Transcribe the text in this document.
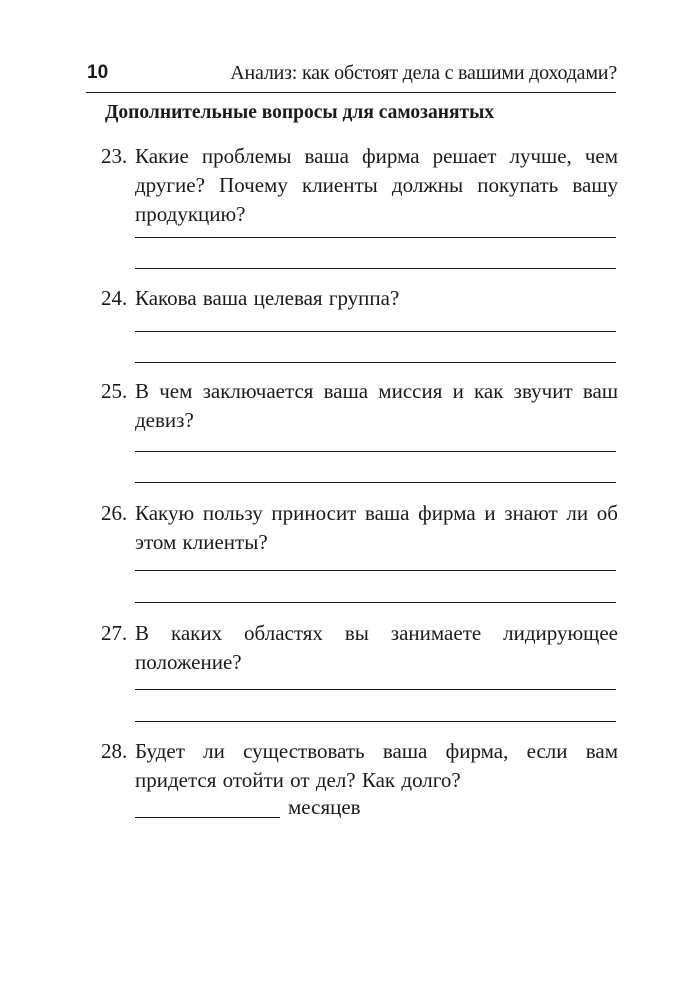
10	Анализ: как обстоят дела с вашими доходами?
Дополнительные вопросы для самозанятых
23. Какие проблемы ваша фирма решает лучше, чем другие? Почему клиенты должны покупать вашу продукцию?
24. Какова ваша целевая группа?
25. В чем заключается ваша миссия и как звучит ваш девиз?
26. Какую пользу приносит ваша фирма и знают ли об этом клиенты?
27. В каких областях вы занимаете лидирующее положение?
28. Будет ли существовать ваша фирма, если вам придется отойти от дел? Как долго?
месяцев
